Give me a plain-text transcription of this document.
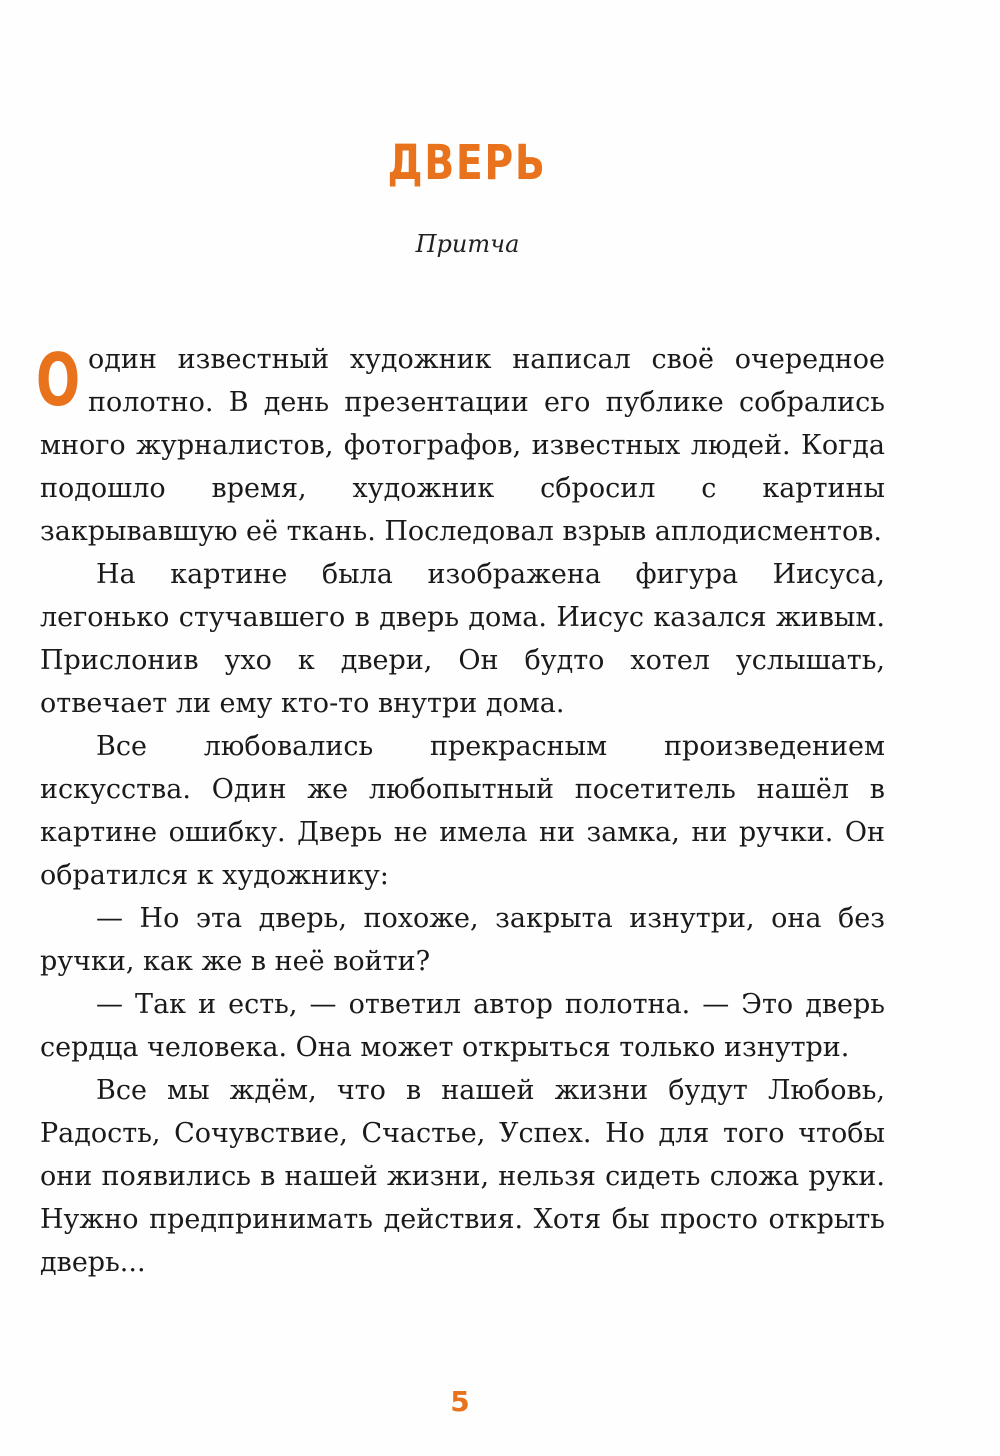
ДВЕРЬ
Притча

Оодин известный художник написал своё очередное полотно. В день презентации его публике собрались много журналистов, фотографов, известных людей. Когда подошло время, художник сбросил с картины закрывавшую её ткань. Последовал взрыв аплодисментов.

На картине была изображена фигура Иисуса, легонько стучавшего в дверь дома. Иисус казался живым. Прислонив ухо к двери, Он будто хотел услышать, отвечает ли ему кто-то внутри дома.

Все любовались прекрасным произведением искусства. Один же любопытный посетитель нашёл в картине ошибку. Дверь не имела ни замка, ни ручки. Он обратился к художнику:

— Но эта дверь, похоже, закрыта изнутри, она без ручки, как же в неё войти?

— Так и есть, — ответил автор полотна. — Это дверь сердца человека. Она может открыться только изнутри.

Все мы ждём, что в нашей жизни будут Любовь, Радость, Сочувствие, Счастье, Успех. Но для того чтобы они появились в нашей жизни, нельзя сидеть сложа руки. Нужно предпринимать действия. Хотя бы просто открыть дверь...

5
